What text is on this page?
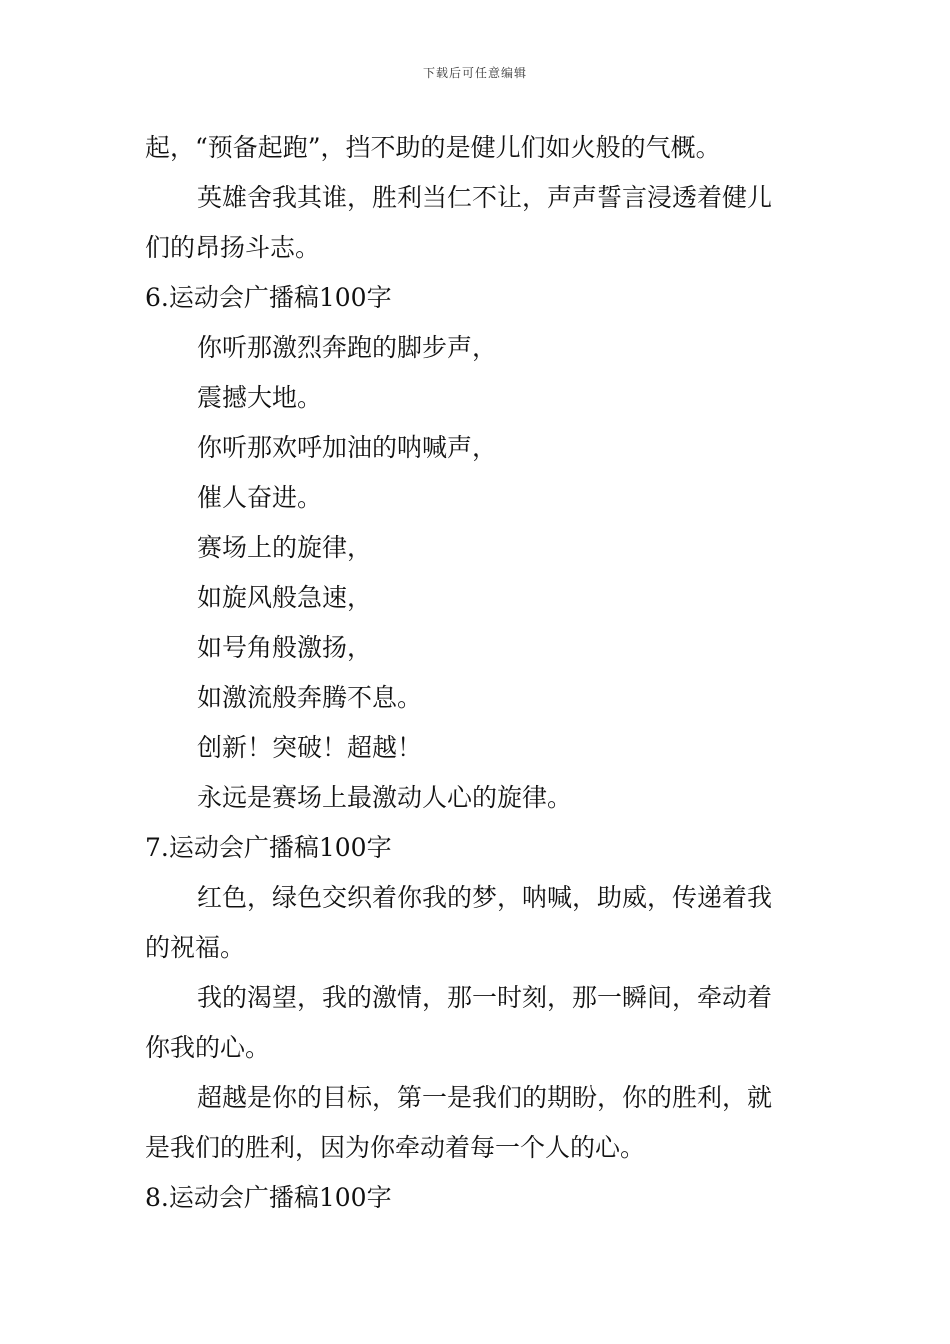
下载后可任意编辑
起，“预备起跑”，挡不助的是健儿们如火般的气概。
英雄舍我其谁，胜利当仁不让，声声誓言浸透着健儿
们的昂扬斗志。
6.运动会广播稿100字
你听那激烈奔跑的脚步声，
震撼大地。
你听那欢呼加油的呐喊声，
催人奋进。
赛场上的旋律，
如旋风般急速，
如号角般激扬，
如激流般奔腾不息。
创新！突破！超越！
永远是赛场上最激动人心的旋律。
7.运动会广播稿100字
红色，绿色交织着你我的梦，呐喊，助威，传递着我
的祝福。
我的渴望，我的激情，那一时刻，那一瞬间，牵动着
你我的心。
超越是你的目标，第一是我们的期盼，你的胜利，就
是我们的胜利，因为你牵动着每一个人的心。
8.运动会广播稿100字
